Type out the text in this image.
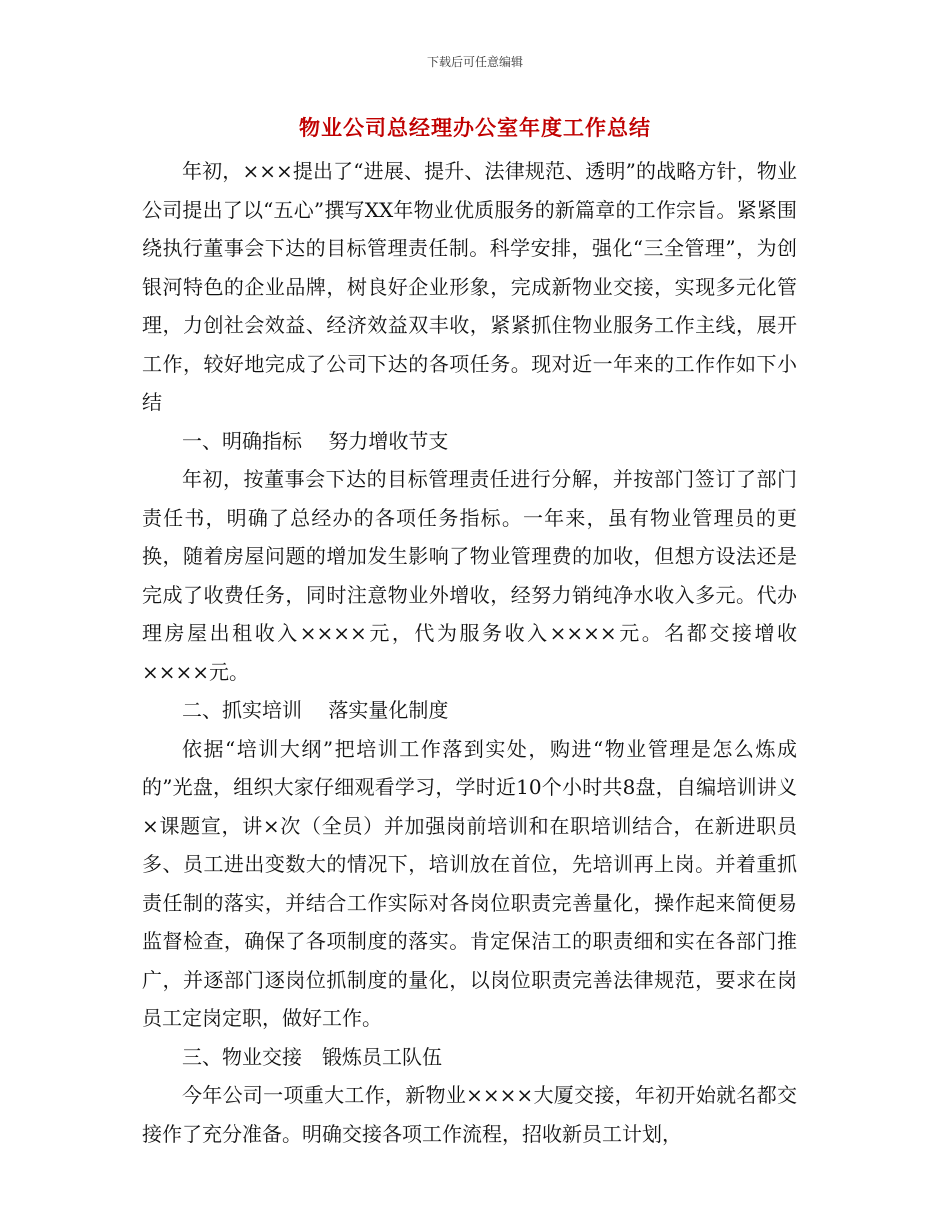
下载后可任意编辑
物业公司总经理办公室年度工作总结

年初，×××提出了“进展、提升、法律规范、透明”的战略方针，物业公司提出了以“五心”撰写XX年物业优质服务的新篇章的工作宗旨。紧紧围绕执行董事会下达的目标管理责任制。科学安排，强化“三全管理”，为创银河特色的企业品牌，树良好企业形象，完成新物业交接，实现多元化管理，力创社会效益、经济效益双丰收，紧紧抓住物业服务工作主线，展开工作，较好地完成了公司下达的各项任务。现对近一年来的工作作如下小结

一、明确指标　 努力增收节支

年初，按董事会下达的目标管理责任进行分解，并按部门签订了部门责任书，明确了总经办的各项任务指标。一年来，虽有物业管理员的更换，随着房屋问题的增加发生影响了物业管理费的加收，但想方设法还是完成了收费任务，同时注意物业外增收，经努力销纯净水收入多元。代办理房屋出租收入××××元，代为服务收入××××元。名都交接增收××××元。

二、抓实培训　 落实量化制度

依据“培训大纲”把培训工作落到实处，购进“物业管理是怎么炼成的”光盘，组织大家仔细观看学习，学时近10个小时共8盘，自编培训讲义×课题宣，讲×次（全员）并加强岗前培训和在职培训结合，在新进职员多、员工进出变数大的情况下，培训放在首位，先培训再上岗。并着重抓责任制的落实，并结合工作实际对各岗位职责完善量化，操作起来简便易监督检查，确保了各项制度的落实。肯定保洁工的职责细和实在各部门推广，并逐部门逐岗位抓制度的量化，以岗位职责完善法律规范，要求在岗员工定岗定职，做好工作。

三、物业交接　锻炼员工队伍

今年公司一项重大工作，新物业××××大厦交接，年初开始就名都交接作了充分准备。明确交接各项工作流程，招收新员工计划，
